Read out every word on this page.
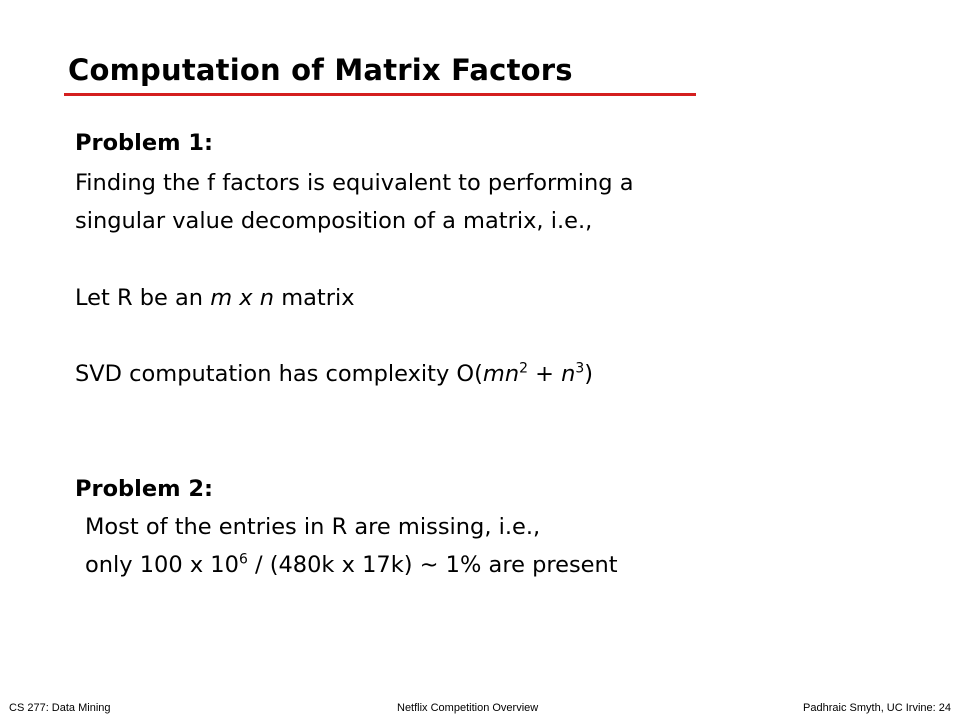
Computation of Matrix Factors
Problem 1:
Finding the f factors is equivalent to performing a
singular value decomposition of a matrix, i.e.,
Let R be an m x n matrix
SVD computation has complexity $O(mn^2 + n^3)$
Problem 2:
Most of the entries in R are missing, i.e.,
only 100 x $10^6 / (480k$ x 17k) ~ 1% are present
CS 277: Data Mining	Netflix Competition Overview	Padhraic Smyth, UC Irvine: 24
